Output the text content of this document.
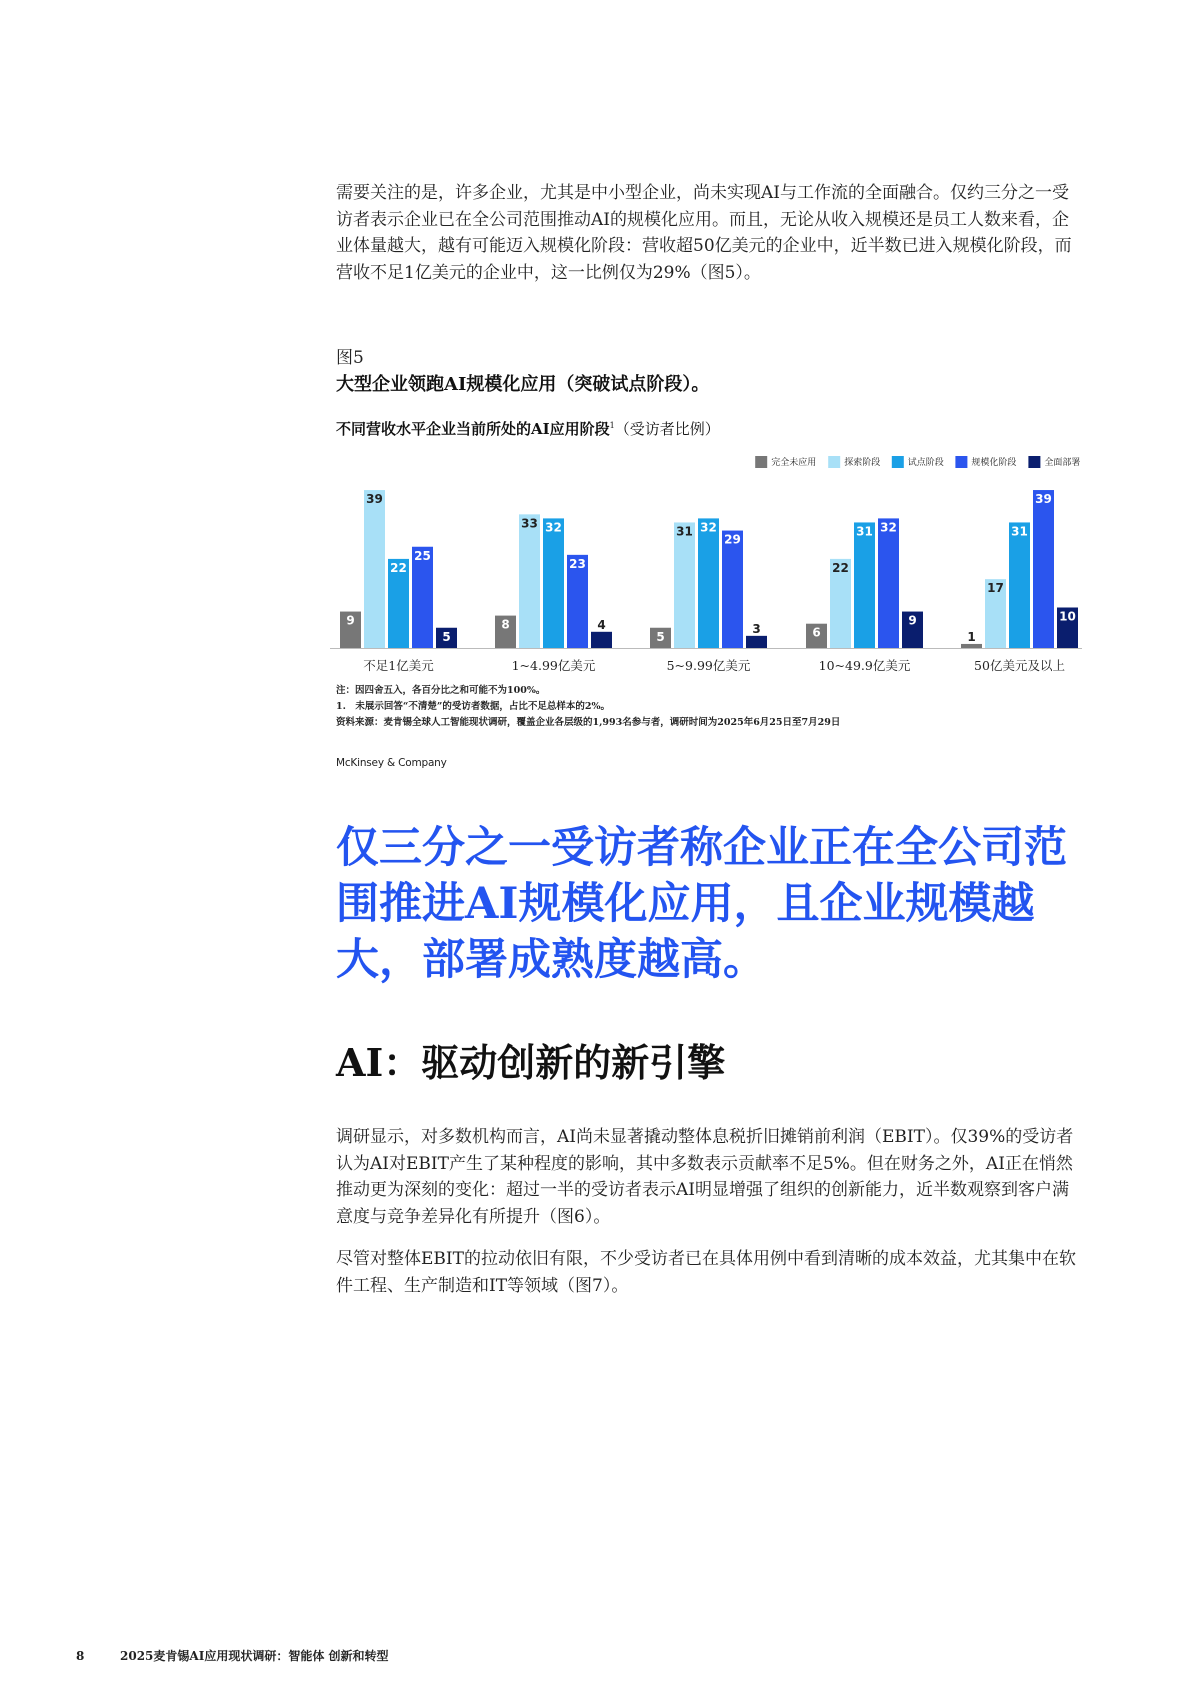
需要关注的是，许多企业，尤其是中小型企业，尚未实现AI与工作流的全面融合。仅约三分之一受访者表示企业已在全公司范围推动AI的规模化应用。而且，无论从收入规模还是员工人数来看，企业体量越大，越有可能迈入规模化阶段：营收超50亿美元的企业中，近半数已进入规模化阶段，而营收不足1亿美元的企业中，这一比例仅为29%（图5）。

图5
大型企业领跑AI规模化应用（突破试点阶段）。
不同营收水平企业当前所处的AI应用阶段$^1$（受访者比例）
全面部署
规模化阶段
试点阶段
探索阶段
完全未应用
9
39
22
25
5
不足1亿美元
8
33 32
23
4
1~4.99亿美元
5
31 32
29
3
5~9.99亿美元
6
22
31 32
9
10~49.9亿美元
1
17
31
39
10
50亿美元及以上
注：因四舍五入，各百分比之和可能不为100%。
1.　未展示回答“不清楚”的受访者数据，占比不足总样本的2%。
资料来源：麦肯锡全球人工智能现状调研，覆盖企业各层级的1,993名参与者，调研时间为2025年6月25日至7月29日
McKinsey & Company

仅三分之一受访者称企业正在全公司范围推进AI规模化应用，且企业规模越大，部署成熟度越高。

AI：驱动创新的新引擎

调研显示，对多数机构而言，AI尚未显著撬动整体息税折旧摊销前利润（EBIT）。仅39%的受访者认为AI对EBIT产生了某种程度的影响，其中多数表示贡献率不足5%。但在财务之外，AI正在悄然推动更为深刻的变化：超过一半的受访者表示AI明显增强了组织的创新能力，近半数观察到客户满意度与竞争差异化有所提升（图6）。

尽管对整体EBIT的拉动依旧有限，不少受访者已在具体用例中看到清晰的成本效益，尤其集中在软件工程、生产制造和IT等领域（图7）。

8	2025麦肯锡AI应用现状调研：智能体 创新和转型
